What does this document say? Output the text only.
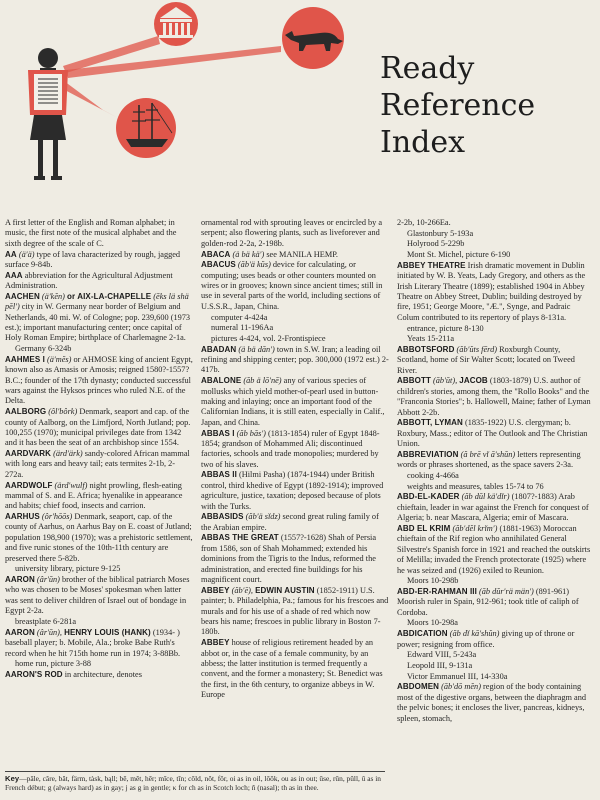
Ready
Reference
Index

A first letter of the English and Roman alphabet; in music, the first note of the musical alphabet and the sixth degree of the scale of C.

AA (ä′ä) type of lava characterized by rough, jagged surface 9-84b.

AAA abbreviation for the Agricultural Adjustment Administration.

AACHEN (ä′kĕn) or AIX-LA-CHAPELLE (ĕks lä shä pĕl′) city in W. Germany near border of Belgium and Netherlands, 40 mi. W. of Cologne; pop. 239,600 (1973 est.); important manufacturing center; once capital of Holy Roman Empire; birthplace of Charlemagne 2-1a.

Germany 6-324b

AAHMES I (ä′mĕs) or AHMOSE king of ancient Egypt, known also as Amasis or Amosis; reigned 1580?-1557? B.C.; founder of the 17th dynasty; conducted successful wars against the Hyksos princes who ruled N.E. of the Delta.

AALBORG (ôl′bôrk) Denmark, seaport and cap. of the county of Aalborg, on the Limfjord, North Jutland; pop. 100,255 (1970); municipal privileges date from 1342 and it has been the seat of an archbishop since 1554.

AARDVARK (ärd′ärk) sandy-colored African mammal with long ears and heavy tail; eats termites 2-1b, 2-272a.

AARDWOLF (ärd′wulf) night prowling, flesh-eating mammal of S. and E. Africa; hyenalike in appearance and habits; chief food, insects and carrion.

AARHUS (ôr′hōōs) Denmark, seaport, cap. of the county of Aarhus, on Aarhus Bay on E. coast of Jutland; population 198,900 (1970); was a prehistoric settlement, and five runic stones of the 10th-11th century are preserved there 5-82b.

university library, picture 9-125

AARON (âr′ŭn) brother of the biblical patriarch Moses who was chosen to be Moses' spokesman when latter was sent to deliver children of Israel out of bondage in Egypt 2-2a.

breastplate 6-281a

AARON (âr′ŭn), HENRY LOUIS (HANK) (1934- ) baseball player; b. Mobile, Ala.; broke Babe Ruth's record when he hit 715th home run in 1974; 3-88Bb.

home run, picture 3-88

AARON'S ROD in architecture, denotes

ornamental rod with sprouting leaves or encircled by a serpent; also flowering plants, such as liveforever and golden-rod 2-2a, 2-198b.

ABACA (ä bä kä′) see MANILA HEMP.

ABACUS (ăb′ä kŭs) device for calculating, or computing; uses beads or other counters mounted on wires or in grooves; known since ancient times; still in use in several parts of the world, including sections of U.S.S.R., Japan, China.

computer 4-424a

numeral 11-196Aa

pictures 4-424, vol. 2-Frontispiece

ABADAN (ä bä dăn′) town in S.W. Iran; a leading oil refining and shipping center; pop. 300,000 (1972 est.) 2-417b.

ABALONE (ăb ä lō′nē) any of various species of mollusks which yield mother-of-pearl used in button-making and inlaying; once an important food of the Californian Indians, it is still eaten, especially in Calif., Japan, and China.

ABBAS I (ăb băs′) (1813-1854) ruler of Egypt 1848-1854; grandson of Mohammed Ali; discontinued factories, schools and trade monopolies; murdered by two of his slaves.

ABBAS II (Hilmi Pasha) (1874-1944) under British control, third khedive of Egypt (1892-1914); improved agriculture, justice, taxation; deposed because of plots with the Turks.

ABBASIDS (ăb′ä sĭdz) second great ruling family of the Arabian empire.

ABBAS THE GREAT (1557?-1628) Shah of Persia from 1586, son of Shah Mohammed; extended his dominions from the Tigris to the Indus, reformed the administration, and erected fine buildings for his magnificent court.

ABBEY (ăb′ē), EDWIN AUSTIN (1852-1911) U.S. painter; b. Philadelphia, Pa.; famous for his frescoes and murals and for his use of a shade of red which now bears his name; frescoes in public library in Boston 7-180b.

ABBEY house of religious retirement headed by an abbot or, in the case of a female community, by an abbess; the latter institution is termed frequently a convent, and the former a monastery; St. Benedict was the first, in the 6th century, to organize abbeys in W. Europe

2-2b, 10-266Ea.

Glastonbury 5-193a

Holyrood 5-229b

Mont St. Michel, picture 6-190

ABBEY THEATRE Irish dramatic movement in Dublin initiated by W. B. Yeats, Lady Gregory, and others as the Irish Literary Theatre (1899); established 1904 in Abbey Theatre on Abbey Street, Dublin; building destroyed by fire, 1951; George Moore, "Æ.", Synge, and Padraic Colum contributed to its repertory of plays 8-131a.

entrance, picture 8-130

Yeats 15-211a

ABBOTSFORD (ăb′ŭts fērd) Roxburgh County, Scotland, home of Sir Walter Scott; located on Tweed River.

ABBOTT (ăb′ŭt), JACOB (1803-1879) U.S. author of children's stories, among them, the "Rollo Books" and the "Franconia Stories"; b. Hallowell, Maine; father of Lyman Abbott 2-2b.

ABBOTT, LYMAN (1835-1922) U.S. clergyman; b. Roxbury, Mass.; editor of The Outlook and The Christian Union.

ABBREVIATION (ă brē vĭ ā′shŭn) letters representing words or phrases shortened, as the space savers 2-3a.

cooking 4-466a

weights and measures, tables 15-74 to 76

ABD-EL-KADER (ăb dŭl kä′dĭr) (1807?-1883) Arab chieftain, leader in war against the French for conquest of Algeria; b. near Mascara, Algeria; emir of Mascara.

ABD EL KRIM (ăb′dĕl krĭm′) (1881-1963) Moroccan chieftain of the Rif region who annihilated General Silvestre's Spanish force in 1921 and reached the outskirts of Melilla; invaded the French protectorate (1925) where he was seized and (1926) exiled to Reunion.

Moors 10-298b

ABD-ER-RAHMAN III (ăb dŭr′rä män′) (891-961) Moorish ruler in Spain, 912-961; took title of caliph of Cordoba.

Moors 10-298a

ABDICATION (ăb dĭ kā′shŭn) giving up of throne or power; resigning from office.

Edward VIII, 5-243a

Leopold III, 9-131a

Victor Emmanuel III, 14-330a

ABDOMEN (ăb′dō mĕn) region of the body containing most of the digestive organs, between the diaphragm and the pelvic bones; it encloses the liver, pancreas, kidneys, spleen, stomach,

Key—pāle, câre, băt, färm, tàsk, bąll; bē, mĕt, hēr; mīce, tĭn; cōld, nŏt, fôr, oi as in oil, lōōk, ou as in out; ūse, rūn, pŭll, û as in French début; g (always hard) as in gay; j as g in gentle; κ for ch as in Scotch loch; ñ (nasal); th as in thee.
